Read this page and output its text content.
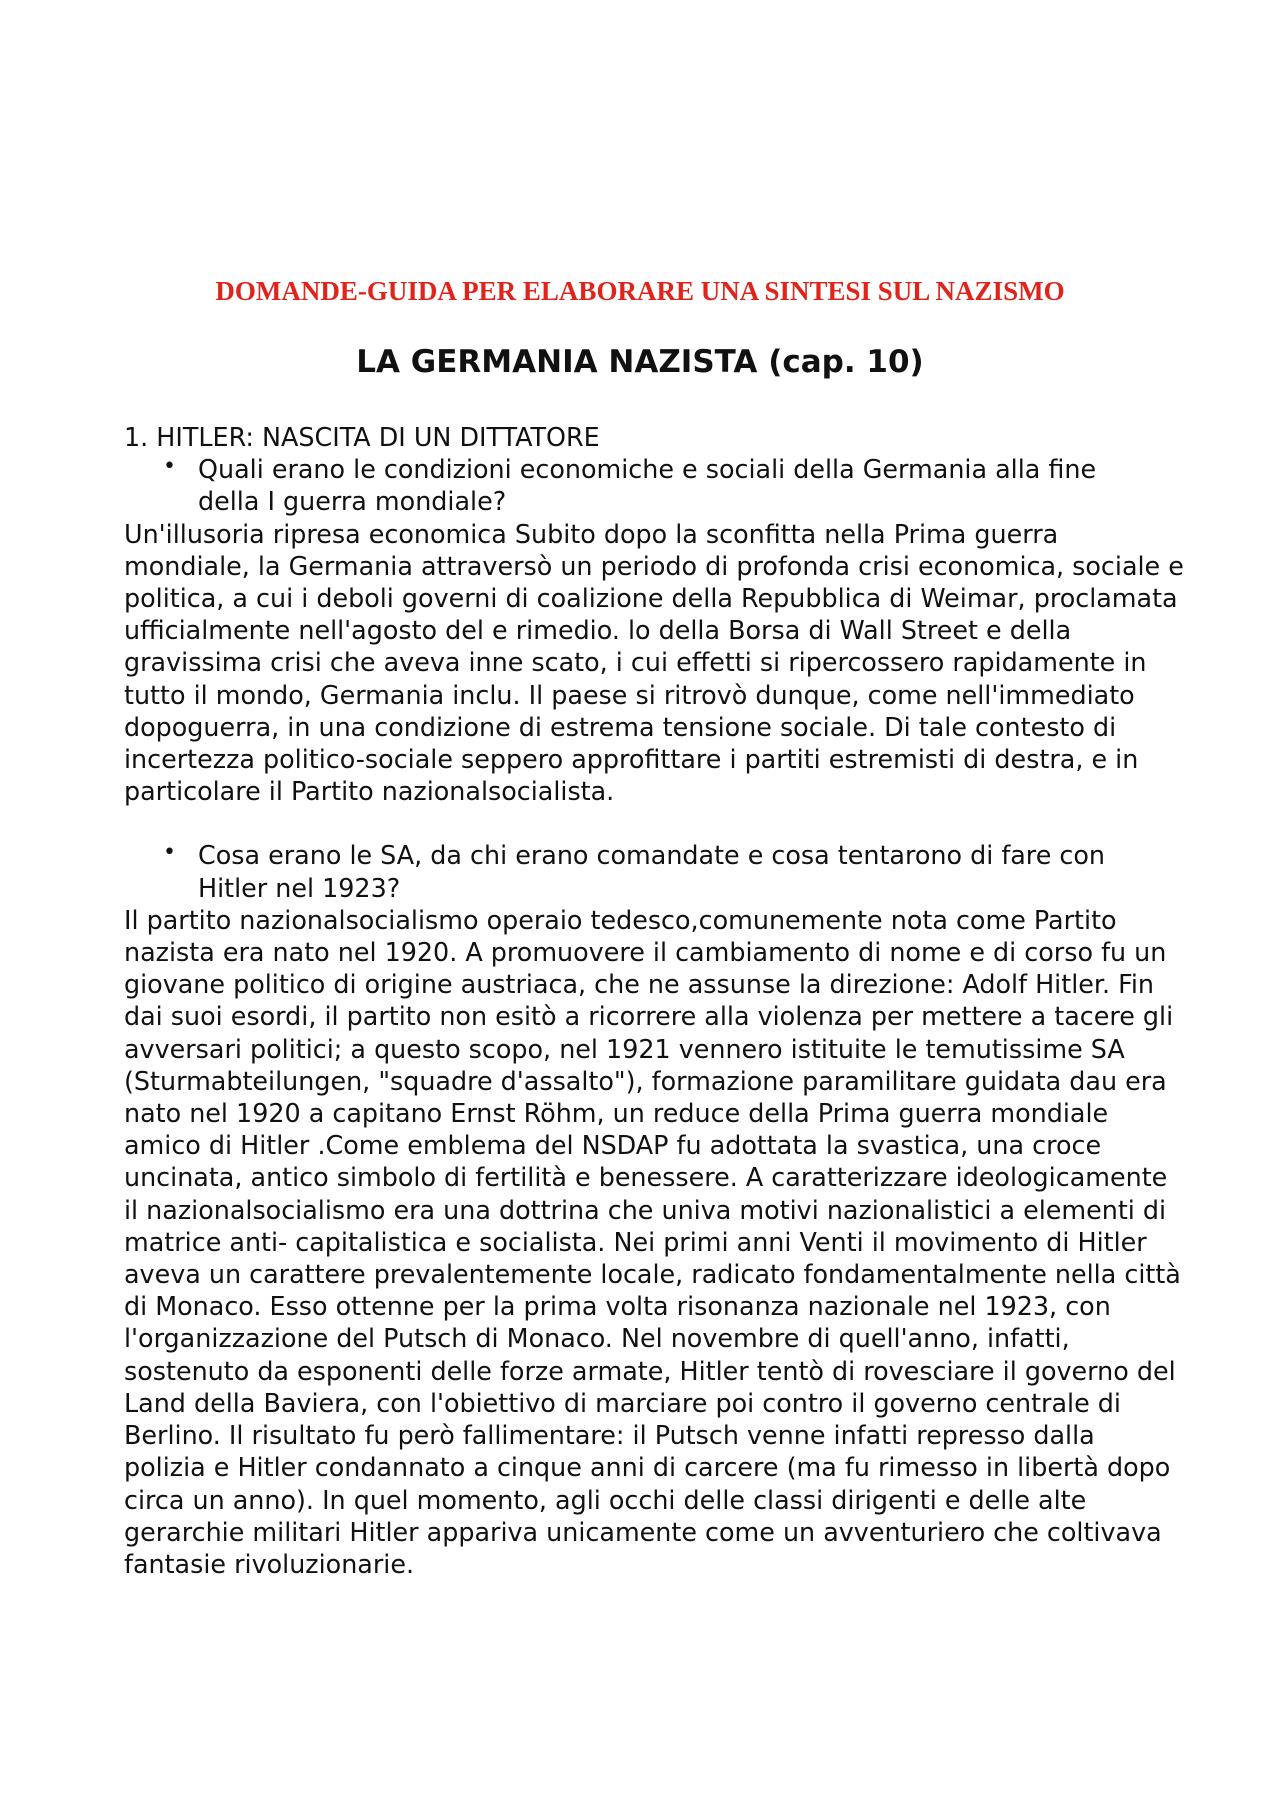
DOMANDE-GUIDA PER ELABORARE UNA SINTESI SUL NAZISMO
LA GERMANIA NAZISTA (cap. 10)

1. HITLER: NASCITA DI UN DITTATORE

• Quali erano le condizioni economiche e sociali della Germania alla fine della I guerra mondiale?

Un'illusoria ripresa economica Subito dopo la sconfitta nella Prima guerra mondiale, la Germania attraversò un periodo di profonda crisi economica, sociale e politica, a cui i deboli governi di coalizione della Repubblica di Weimar, proclamata ufficialmente nell'agosto del e rimedio. lo della Borsa di Wall Street e della gravissima crisi che aveva inne scato, i cui effetti si ripercossero rapidamente in tutto il mondo, Germania inclu. Il paese si ritrovò dunque, come nell'immediato dopoguerra, in una condizione di estrema tensione sociale. Di tale contesto di incertezza politico-sociale seppero approfittare i partiti estremisti di destra, e in particolare il Partito nazionalsocialista.

• Cosa erano le SA, da chi erano comandate e cosa tentarono di fare con Hitler nel 1923?

Il partito nazionalsocialismo operaio tedesco,comunemente nota come Partito nazista era nato nel 1920. A promuovere il cambiamento di nome e di corso fu un giovane politico di origine austriaca, che ne assunse la direzione: Adolf Hitler. Fin dai suoi esordi, il partito non esitò a ricorrere alla violenza per mettere a tacere gli avversari politici; a questo scopo, nel 1921 vennero istituite le temutissime SA (Sturmabteilungen, "squadre d'assalto"), formazione paramilitare guidata dau era nato nel 1920 a capitano Ernst Röhm, un reduce della Prima guerra mondiale amico di Hitler .Come emblema del NSDAP fu adottata la svastica, una croce uncinata, antico simbolo di fertilità e benessere. A caratterizzare ideologicamente il nazionalsocialismo era una dottrina che univa motivi nazionalistici a elementi di matrice anti- capitalistica e socialista. Nei primi anni Venti il movimento di Hitler aveva un carattere prevalentemente locale, radicato fondamentalmente nella città di Monaco. Esso ottenne per la prima volta risonanza nazionale nel 1923, con l'organizzazione del Putsch di Monaco. Nel novembre di quell'anno, infatti, sostenuto da esponenti delle forze armate, Hitler tentò di rovesciare il governo del Land della Baviera, con l'obiettivo di marciare poi contro il governo centrale di Berlino. Il risultato fu però fallimentare: il Putsch venne infatti represso dalla polizia e Hitler condannato a cinque anni di carcere (ma fu rimesso in libertà dopo circa un anno). In quel momento, agli occhi delle classi dirigenti e delle alte gerarchie militari Hitler appariva unicamente come un avventuriero che coltivava fantasie rivoluzionarie.
